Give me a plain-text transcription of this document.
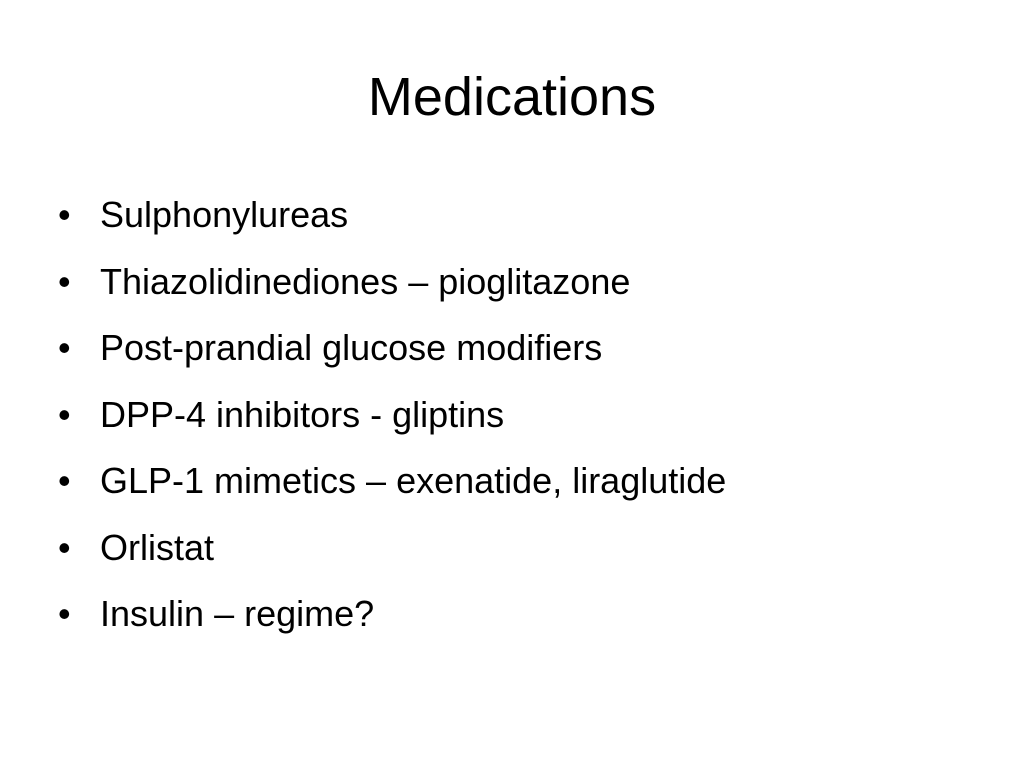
Medications
• Sulphonylureas
• Thiazolidinediones – pioglitazone
• Post-prandial glucose modifiers
• DPP-4 inhibitors - gliptins
• GLP-1 mimetics – exenatide, liraglutide
• Orlistat
• Insulin – regime?
